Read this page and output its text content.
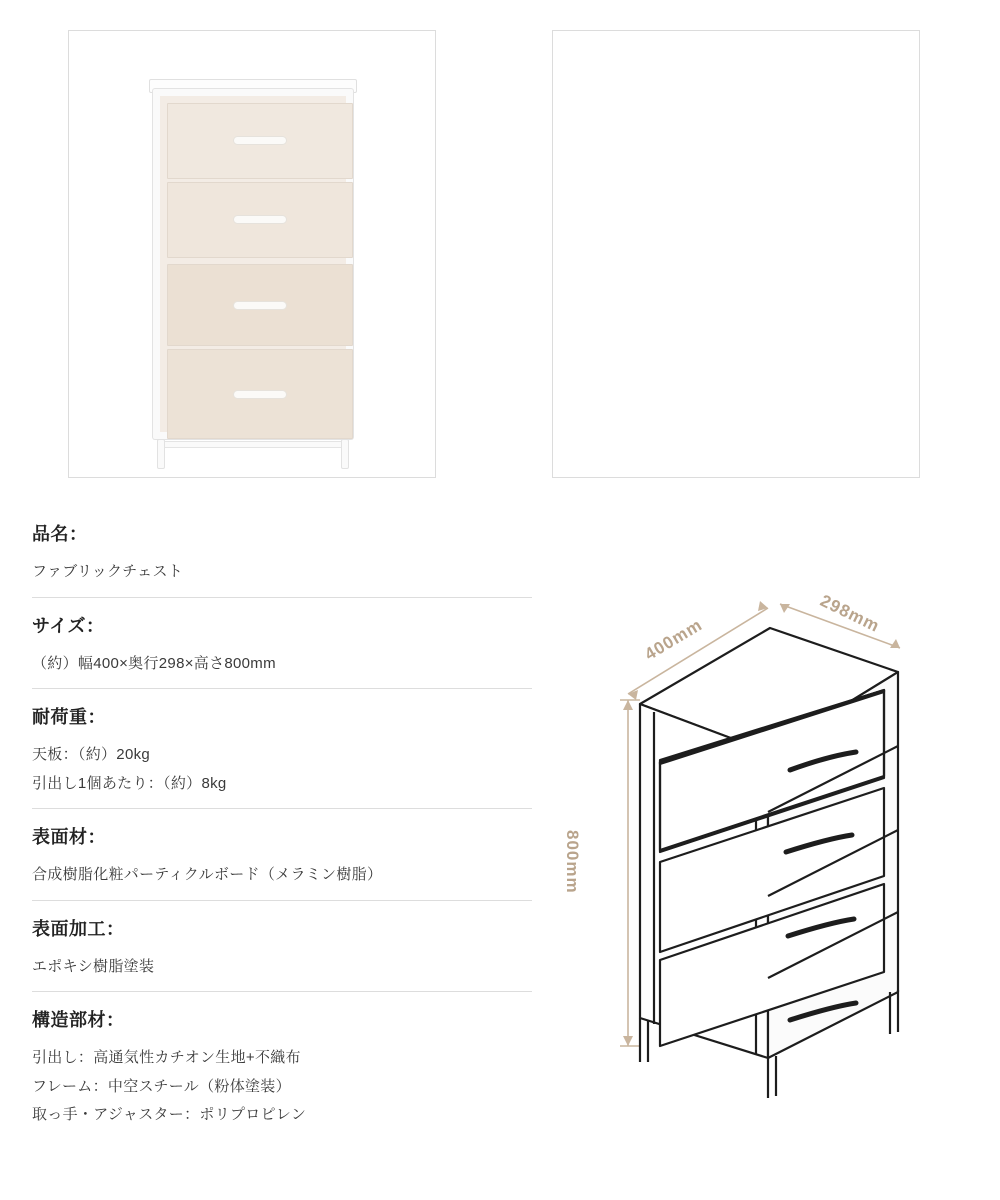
品名：
ファブリックチェスト
サイズ：
（約）幅400×奥行298×高さ800mm
耐荷重：
天板：（約）20kg
引出し1個あたり：（約）8kg
表面材：
合成樹脂化粧パーティクルボード（メラミン樹脂）
表面加工：
エポキシ樹脂塗装
構造部材：
引出し：高通気性カチオン生地+不織布
フレーム：中空スチール（粉体塗装）
取っ手・アジャスター：ポリプロピレン
400mm
298mm
800mm
